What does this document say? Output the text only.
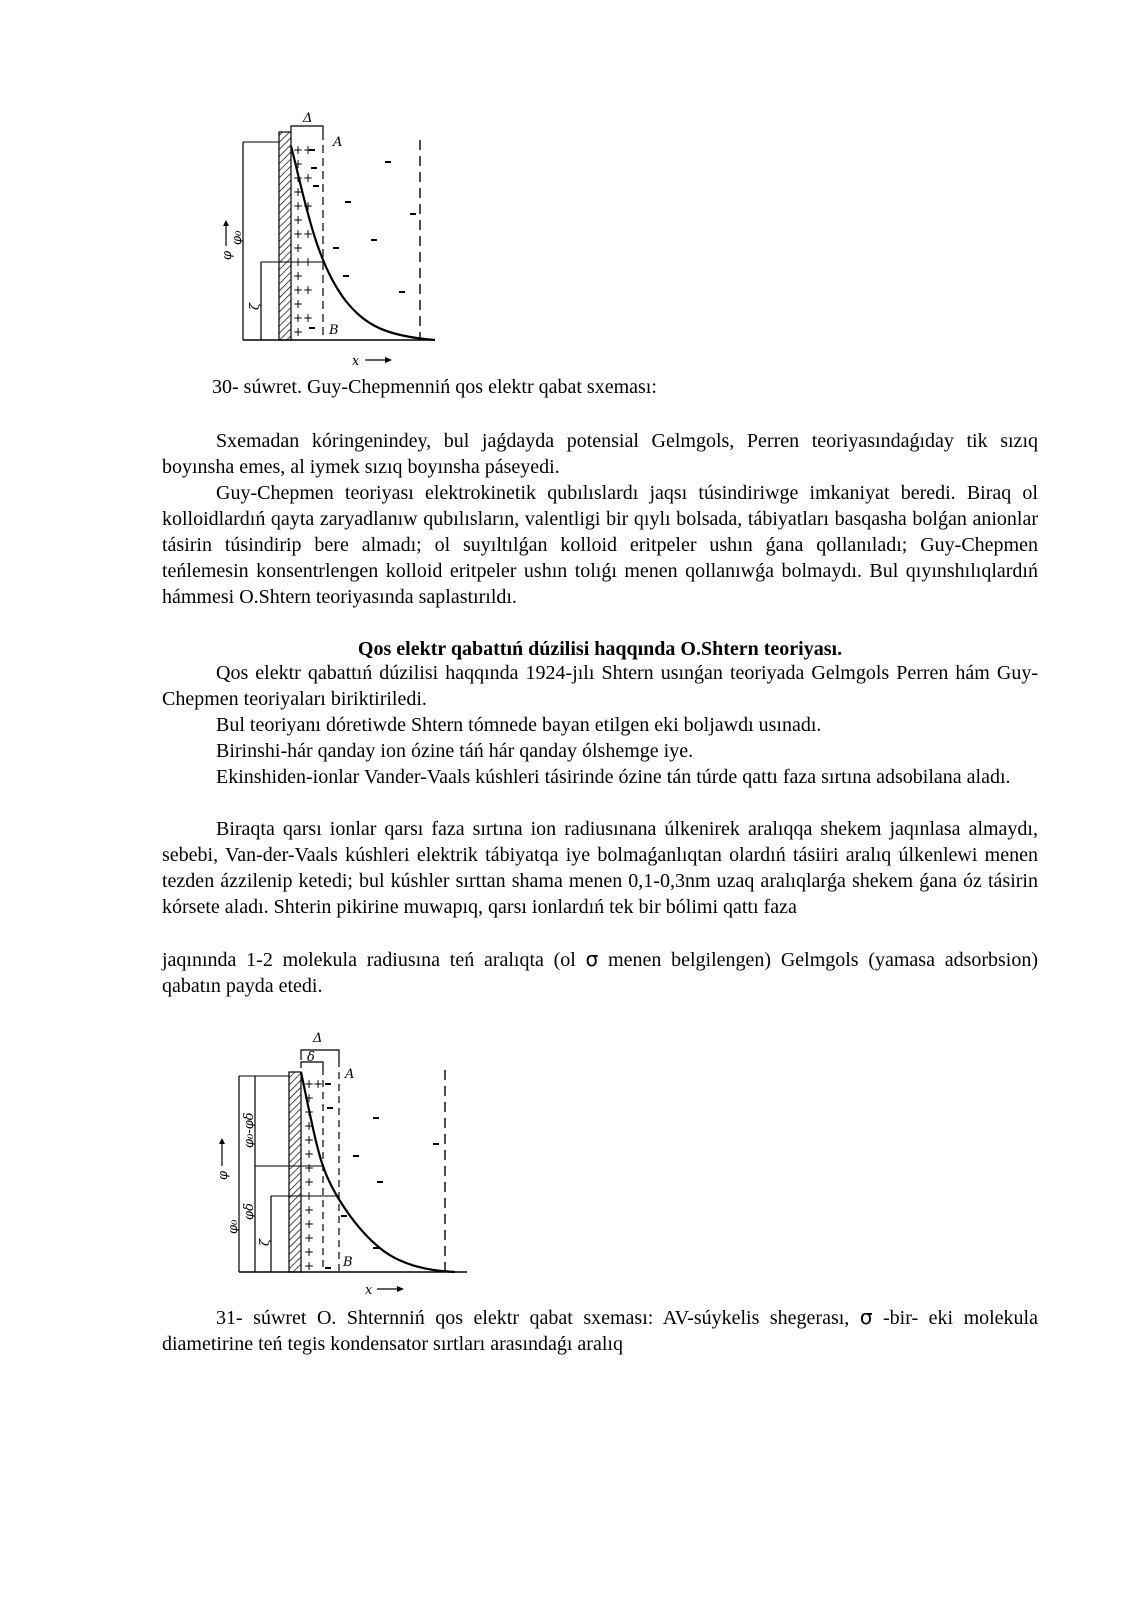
Δ
A
+
+
+
+
+
+
+
+
+
+
+
+
+
+
+
+
+
+
+
+
+
B
φ
φ₀
ζ
x
30- súwret. Guy-Chepmenniń qos elektr qabat sxeması:

Sxemadan kóringenindey, bul jaǵdayda potensial Gelmgols, Perren teoriyasındaǵıday tik sızıq boyınsha emes, al iymek sızıq boyınsha páseyedi.

Guy-Chepmen teoriyası elektrokinetik qubılıslardı jaqsı túsindiriwge imkaniyat beredi. Biraq ol kolloidlardıń qayta zaryadlanıw qubılısların, valentligi bir qıylı bolsada, tábiyatları basqasha bolǵan anionlar tásirin túsindirip bere almadı; ol suyıltılǵan kolloid eritpeler ushın ǵana qollanıladı; Guy-Chepmen teńlemesin konsentrlengen kolloid eritpeler ushın tolıǵı menen qollanıwǵa bolmaydı. Bul qıyınshılıqlardıń hámmesi O.Shtern teoriyasında saplastırıldı.

Qos elektr qabattıń dúzilisi haqqında O.Shtern teoriyası.

Qos elektr qabattıń dúzilisi haqqında 1924-jılı Shtern usınǵan teoriyada Gelmgols Perren hám Guy-Chepmen teoriyaları biriktiriledi.

Bul teoriyanı dóretiwde Shtern tómnede bayan etilgen eki boljawdı usınadı.

Birinshi-hár qanday ion ózine táń hár qanday ólshemge iye.

Ekinshiden-ionlar Vander-Vaals kúshleri tásirinde ózine tán túrde qattı faza sırtına adsobilana aladı.

Biraqta qarsı ionlar qarsı faza sırtına ion radiusınana úlkenirek aralıqqa shekem jaqınlasa almaydı, sebebi, Van-der-Vaals kúshleri elektrik tábiyatqa iye bolmaǵanlıqtan olardıń tásiiri aralıq úlkenlewi menen tezden ázzilenip ketedi; bul kúshler sırttan shama menen 0,1-0,3nm uzaq aralıqlarǵa shekem ǵana óz tásirin kórsete aladı. Shterin pikirine muwapıq, qarsı ionlardıń tek bir bólimi qattı faza

jaqınında 1-2 molekula radiusına teń aralıqta (ol σ menen belgilengen) Gelmgols (yamasa adsorbsion) qabatın payda etedi.

Δ
δ
A
+
+
+
+
+
+
+
+
+
+
+
+
+
+
+
B
φ
φ₀-φδ
φ₀
φδ
ζ
x

31- súwret O. Shternniń qos elektr qabat sxeması: AV-súykelis shegerası, σ -bir- eki molekula diametirine teń tegis kondensator sırtları arasındaǵı aralıq
